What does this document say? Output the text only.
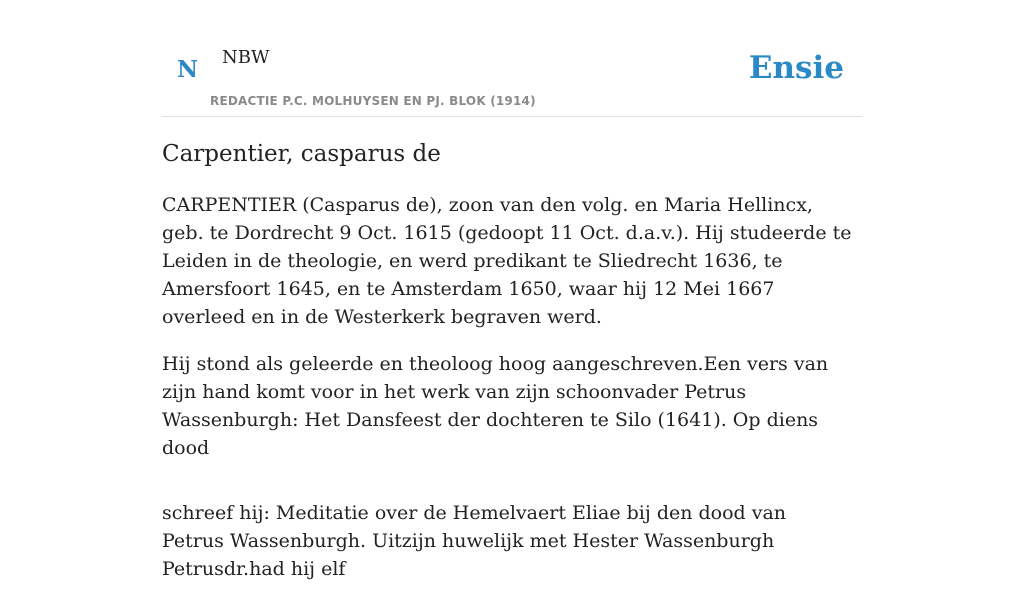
N NBW
REDACTIE P.C. MOLHUYSEN EN PJ. BLOK (1914)
Ensie
Carpentier, casparus de

CARPENTIER (Casparus de), zoon van den volg. en Maria Hellincx, geb. te Dordrecht 9 Oct. 1615 (gedoopt 11 Oct. d.a.v.). Hij studeerde te Leiden in de theologie, en werd predikant te Sliedrecht 1636, te Amersfoort 1645, en te Amsterdam 1650, waar hij 12 Mei 1667 overleed en in de Westerkerk begraven werd.

Hij stond als geleerde en theoloog hoog aangeschreven.Een vers van zijn hand komt voor in het werk van zijn schoonvader Petrus Wassenburgh: Het Dansfeest der dochteren te Silo (1641). Op diens dood

schreef hij: Meditatie over de Hemelvaert Eliae bij den dood van Petrus Wassenburgh. Uitzijn huwelijk met Hester Wassenburgh Petrusdr.had hij elf
